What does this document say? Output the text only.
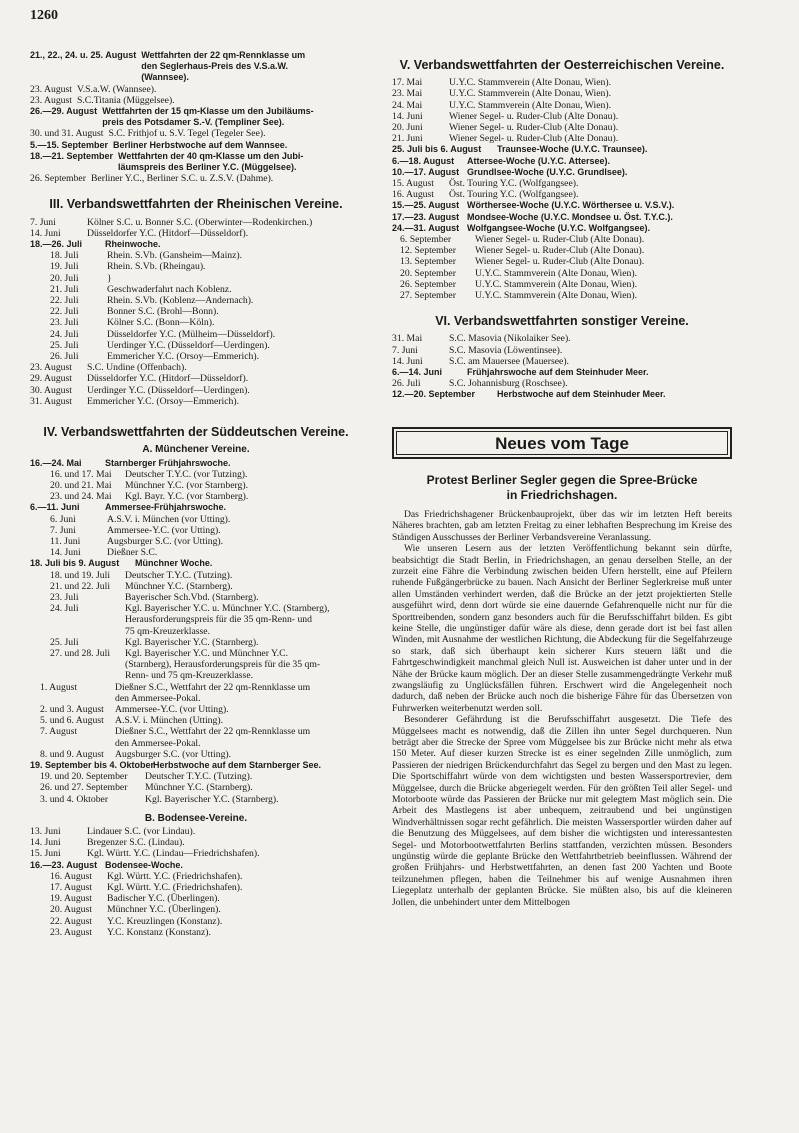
1260
21., 22., 24. u. 25. August Wettfahrten der 22 qm-Rennklasse um
den Seglerhaus-Preis des V.S.a.W.
(Wannsee).
23. August V.S.a.W. (Wannsee).
23. August S.C.Titania (Müggelsee).
26.—29. August Wettfahrten der 15 qm-Klasse um den Jubiläums-
preis des Potsdamer S.-V. (Templiner See).
30. und 31. August S.C. Frithjof u. S.V. Tegel (Tegeler See).
5.—15. September Berliner Herbstwoche auf dem Wannsee.
18.—21. September Wettfahrten der 40 qm-Klasse um den Jubi-
läumspreis des Berliner Y.C. (Müggelsee).
26. September Berliner Y.C., Berliner S.C. u. Z.S.V. (Dahme).
III. Verbandswettfahrten der Rheinischen Vereine.
7. Juni	Kölner S.C. u. Bonner S.C. (Oberwinter—Rodenkirchen.)
14. Juni	Düsseldorfer Y.C. (Hitdorf—Düsseldorf).
18.—26. Juli	Rheinwoche.
18. Juli	Rhein. S.Vb. (Gansheim—Mainz).
19. Juli	Rhein. S.Vb. (Rheingau).
20. Juli	}
21. Juli	Geschwaderfahrt nach Koblenz.
22. Juli	Rhein. S.Vb. (Koblenz—Andernach).
22. Juli	Bonner S.C. (Brohl—Bonn).
23. Juli	Kölner S.C. (Bonn—Köln).
24. Juli	Düsseldorfer Y.C. (Mülheim—Düsseldorf).
25. Juli	Uerdinger Y.C. (Düsseldorf—Uerdingen).
26. Juli	Emmericher Y.C. (Orsoy—Emmerich).
23. August	S.C. Undine (Offenbach).
29. August	Düsseldorfer Y.C. (Hitdorf—Düsseldorf).
30. August	Uerdinger Y.C. (Düsseldorf—Uerdingen).
31. August	Emmericher Y.C. (Orsoy—Emmerich).
IV. Verbandswettfahrten der Süddeutschen Vereine.
A. Münchener Vereine.
16.—24. Mai	Starnberger Frühjahrswoche.
16. und 17. Mai	Deutscher T.Y.C. (vor Tutzing).
20. und 21. Mai	Münchner Y.C. (vor Starnberg).
23. und 24. Mai	Kgl. Bayr. Y.C. (vor Starnberg).
6.—11. Juni	Ammersee-Frühjahrswoche.
6. Juni	A.S.V. i. München (vor Utting).
7. Juni	Ammersee-Y.C. (vor Utting).
11. Juni	Augsburger S.C. (vor Utting).
14. Juni	Dießner S.C.
18. Juli bis 9. August	Münchner Woche.
18. und 19. Juli	Deutscher T.Y.C. (Tutzing).
21. und 22. Juli	Münchner Y.C. (Starnberg).
23. Juli	Bayerischer Sch.Vbd. (Starnberg).
24. Juli	Kgl. Bayerischer Y.C. u. Münchner Y.C. (Starnberg),
Herausforderungspreis für die 35 qm-Renn- und
75 qm-Kreuzerklasse.
25. Juli	Kgl. Bayerischer Y.C. (Starnberg).
27. und 28. Juli	Kgl. Bayerischer Y.C. und Münchner Y.C.
(Starnberg), Herausforderungspreis für die 35 qm-
Renn- und 75 qm-Kreuzerklasse.
1. August	Dießner S.C., Wettfahrt der 22 qm-Rennklasse um
den Ammersee-Pokal.
2. und 3. August	Ammersee-Y.C. (vor Utting).
5. und 6. August	A.S.V. i. München (Utting).
7. August	Dießner S.C., Wettfahrt der 22 qm-Rennklasse um
den Ammersee-Pokal.
8. und 9. August	Augsburger S.C. (vor Utting).
19. September bis 4. Oktober
Herbstwoche auf dem Starnberger See.
19. und 20. September	Deutscher T.Y.C. (Tutzing).
26. und 27. September	Münchner Y.C. (Starnberg).
3. und 4. Oktober	Kgl. Bayerischer Y.C. (Starnberg).
B. Bodensee-Vereine.
13. Juni	Lindauer S.C. (vor Lindau).
14. Juni	Bregenzer S.C. (Lindau).
15. Juni	Kgl. Württ. Y.C. (Lindau—Friedrichshafen).
16.—23. August Bodensee-Woche.
16. August	Kgl. Württ. Y.C. (Friedrichshafen).
17. August	Kgl. Württ. Y.C. (Friedrichshafen).
19. August	Badischer Y.C. (Überlingen).
20. August	Münchner Y.C. (Überlingen).
22. August	Y.C. Kreuzlingen (Konstanz).
23. August	Y.C. Konstanz (Konstanz).
V. Verbandswettfahrten der Oesterreichischen Vereine.
17. Mai	U.Y.C. Stammverein (Alte Donau, Wien).
23. Mai	U.Y.C. Stammverein (Alte Donau, Wien).
24. Mai	U.Y.C. Stammverein (Alte Donau, Wien).
14. Juni	Wiener Segel- u. Ruder-Club (Alte Donau).
20. Juni	Wiener Segel- u. Ruder-Club (Alte Donau).
21. Juni	Wiener Segel- u. Ruder-Club (Alte Donau).
25. Juli bis 6. August	Traunsee-Woche (U.Y.C. Traunsee).
6.—18. August	Attersee-Woche (U.Y.C. Attersee).
10.—17. August Grundlsee-Woche (U.Y.C. Grundlsee).
15. August	Öst. Touring Y.C. (Wolfgangsee).
16. August	Öst. Touring Y.C. (Wolfgangsee).
15.—25. August Wörthersee-Woche (U.Y.C. Wörthersee u. V.S.V.).
17.—23. August Mondsee-Woche (U.Y.C. Mondsee u. Öst. T.Y.C.).
24.—31. August Wolfgangsee-Woche (U.Y.C. Wolfgangsee).
6. September	Wiener Segel- u. Ruder-Club (Alte Donau).
12. September	Wiener Segel- u. Ruder-Club (Alte Donau).
13. September	Wiener Segel- u. Ruder-Club (Alte Donau).
20. September	U.Y.C. Stammverein (Alte Donau, Wien).
26. September	U.Y.C. Stammverein (Alte Donau, Wien).
27. September	U.Y.C. Stammverein (Alte Donau, Wien).
VI. Verbandswettfahrten sonstiger Vereine.
31. Mai	S.C. Masovia (Nikolaiker See).
7. Juni	S.C. Masovia (Löwentinsee).
14. Juni	S.C. am Mauersee (Mauersee).
6.—14. Juni	Frühjahrswoche auf dem Steinhuder Meer.
26. Juli	S.C. Johannisburg (Roschsee).
12.—20. September	Herbstwoche auf dem Steinhuder Meer.
Neues vom Tage
Protest Berliner Segler gegen die Spree-Brücke
in Friedrichshagen.

Das Friedrichshagener Brückenbauprojekt, über das wir im letzten Heft bereits Näheres brachten, gab am letzten Freitag zu einer lebhaften Besprechung im Kreise des Ständigen Ausschusses der Berliner Verbandsvereine Veranlassung.

Wie unseren Lesern aus der letzten Veröffentlichung bekannt sein dürfte, beabsichtigt die Stadt Berlin, in Friedrichshagen, an genau derselben Stelle, an der zurzeit eine Fähre die Verbindung zwischen beiden Ufern herstellt, eine auf Pfeilern ruhende Fußgängerbrücke zu bauen. Nach Ansicht der Berliner Seglerkreise muß unter allen Umständen verhindert werden, daß die Brücke an der jetzt projektierten Stelle ausgeführt wird, denn dort würde sie eine dauernde Gefahrenquelle nicht nur für die Sporttreibenden, sondern ganz besonders auch für die Berufsschiffahrt bilden. Es gibt keine Stelle, die ungünstiger dafür wäre als diese, denn gerade dort ist bei fast allen Winden, mit Ausnahme der westlichen Richtung, die Abdeckung für die Segelfahrzeuge so stark, daß sich überhaupt kein sicherer Kurs steuern läßt und die Fahrtgeschwindigkeit manchmal gleich Null ist. Ausweichen ist daher unter und in der Nähe der Brücke kaum möglich. Der an dieser Stelle zusammengedrängte Verkehr muß zwangsläufig zu Unglücksfällen führen. Erschwert wird die Angelegenheit noch dadurch, daß neben der Brücke auch noch die bisherige Fähre für das Übersetzen von Fuhrwerken weiterbenutzt werden soll.

Besonderer Gefährdung ist die Berufsschiffahrt ausgesetzt. Die Tiefe des Müggelsees macht es notwendig, daß die Zillen ihn unter Segel durchqueren. Nun beträgt aber die Strecke der Spree vom Müggelsee bis zur Brücke nicht mehr als etwa 150 Meter. Auf dieser kurzen Strecke ist es einer segelnden Zille unmöglich, zum Passieren der niedrigen Brückendurchfahrt das Segel zu bergen und den Mast zu legen. Die Sportschiffahrt würde von dem wichtigsten und besten Wassersportrevier, dem Müggelsee, durch die Brücke abgeriegelt werden. Für den größten Teil aller Segel- und Motorboote würde das Passieren der Brücke nur mit gelegtem Mast möglich sein. Die Arbeit des Mastlegens ist aber unbequem, zeitraubend und bei ungünstigen Windverhältnissen sogar recht gefährlich. Die meisten Wassersportler würden daher auf die Benutzung des Müggelsees, auf dem bisher die wichtigsten und interessantesten Segel- und Motorbootwettfahrten Berlins stattfanden, verzichten müssen. Besonders ungünstig würde die geplante Brücke den Wettfahrtbetrieb beeinflussen. Während der großen Frühjahrs- und Herbstwettfahrten, an denen fast 200 Yachten und Boote teilzunehmen pflegen, haben die Teilnehmer bis auf wenige Ausnahmen ihren Liegeplatz unterhalb der geplanten Brücke. Sie müßten also, bis auf die kleineren Jollen, die unbehindert unter dem Mittelbogen
